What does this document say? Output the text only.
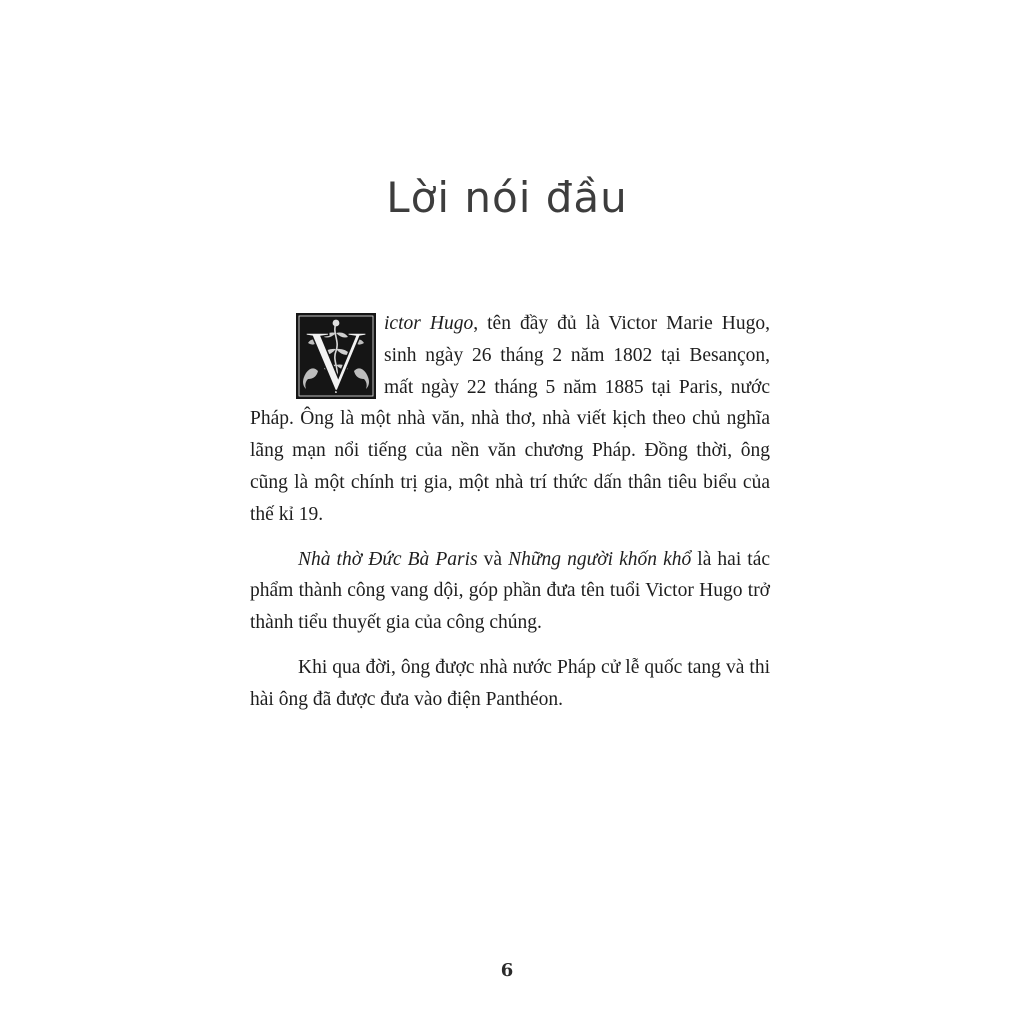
Lời nói đầu

V ictor Hugo, tên đầy đủ là Victor Marie Hugo, sinh ngày 26 tháng 2 năm 1802 tại Besançon, mất ngày 22 tháng 5 năm 1885 tại Paris, nước Pháp. Ông là một nhà văn, nhà thơ, nhà viết kịch theo chủ nghĩa lãng mạn nổi tiếng của nền văn chương Pháp. Đồng thời, ông cũng là một chính trị gia, một nhà trí thức dấn thân tiêu biểu của thế kỉ 19.

Nhà thờ Đức Bà Paris và Những người khốn khổ là hai tác phẩm thành công vang dội, góp phần đưa tên tuổi Victor Hugo trở thành tiểu thuyết gia của công chúng.

Khi qua đời, ông được nhà nước Pháp cử lễ quốc tang và thi hài ông đã được đưa vào điện Panthéon.

6
